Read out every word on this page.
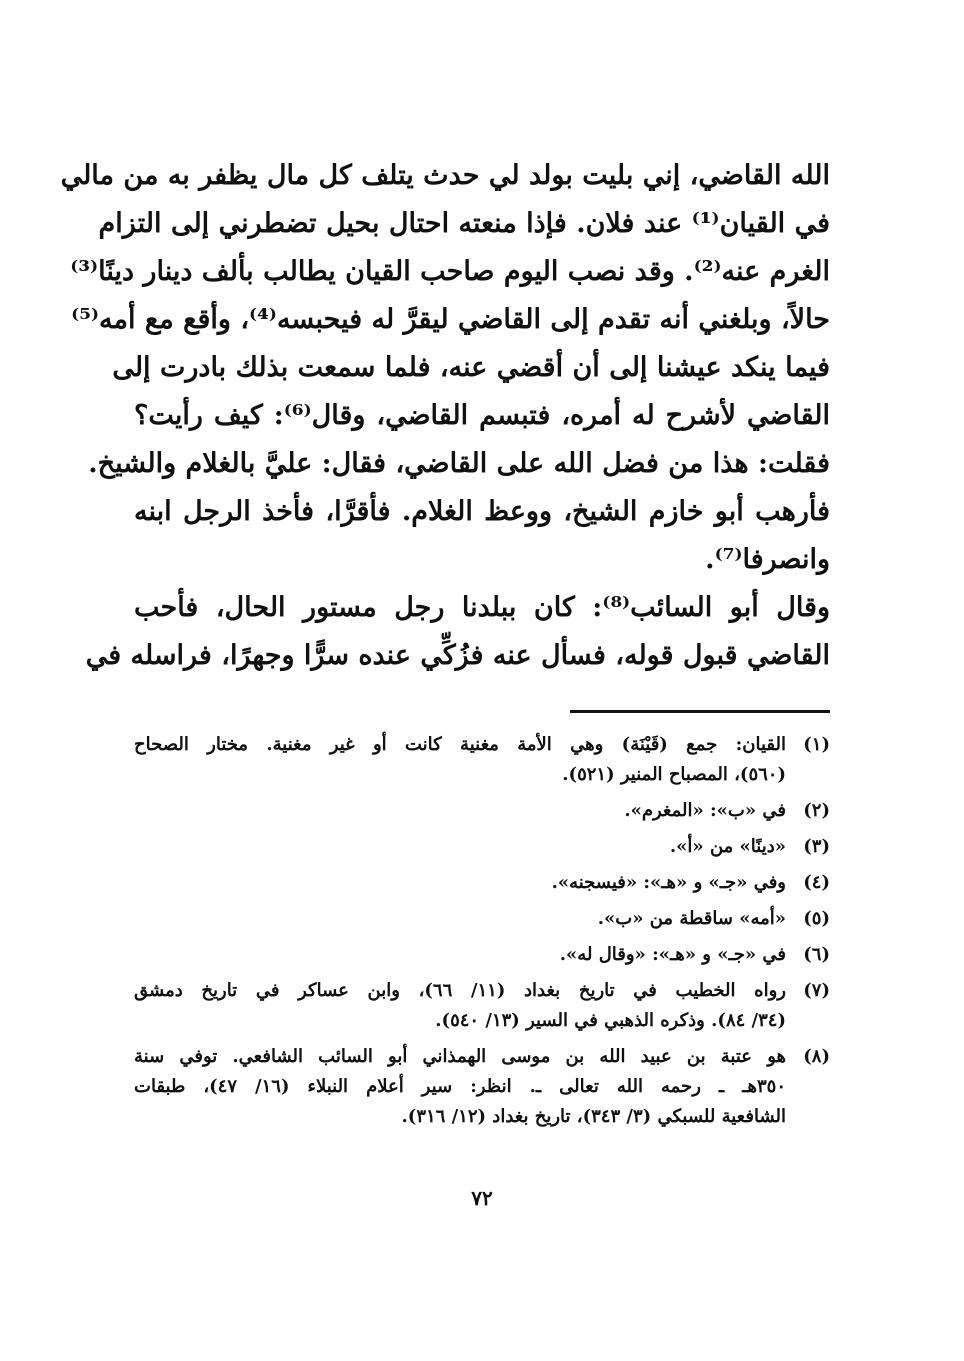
الله القاضي، إني بليت بولد لي حدث يتلف كل مال يظفر به من مالي
في القيان⁽¹⁾ عند فلان. فإذا منعته احتال بحيل تضطرني إلى التزام
الغرم عنه⁽²⁾. وقد نصب اليوم صاحب القيان يطالب بألف دينار دينًا⁽³⁾
حالاً، وبلغني أنه تقدم إلى القاضي ليقرَّ له فيحبسه⁽⁴⁾، وأقع مع أمه⁽⁵⁾
فيما ينكد عيشنا إلى أن أقضي عنه، فلما سمعت بذلك بادرت إلى
القاضي لأشرح له أمره، فتبسم القاضي، وقال⁽⁶⁾: كيف رأيت؟
فقلت: هذا من فضل الله على القاضي، فقال: عليَّ بالغلام والشيخ.
فأرهب أبو خازم الشيخ، ووعظ الغلام. فأقرَّا، فأخذ الرجل ابنه
وانصرفا⁽⁷⁾.
وقال أبو السائب⁽⁸⁾: كان ببلدنا رجل مستور الحال، فأحب
القاضي قبول قوله، فسأل عنه فزُكِّي عنده سرًّا وجهرًا، فراسله في
(١)
القيان: جمع (قَيْنَة) وهي الأمة مغنية كانت أو غير مغنية. مختار الصحاح
(٥٦٠)، المصباح المنير (٥٢١).
(٢)
في «ب»: «المغرم».
(٣)
«دينًا» من «أ».
(٤)
وفي «جـ» و «هـ»: «فيسجنه».
(٥)
«أمه» ساقطة من «ب».
(٦)
في «جـ» و «هـ»: «وقال له».
(٧)
رواه الخطيب في تاريخ بغداد (١١/ ٦٦)، وابن عساكر في تاريخ دمشق
(٣٤/ ٨٤). وذكره الذهبي في السير (١٣/ ٥٤٠).
(٨)
هو عتبة بن عبيد الله بن موسى الهمذاني أبو السائب الشافعي. توفي سنة
٣٥٠هـ ـ رحمه الله تعالى ـ. انظر: سير أعلام النبلاء (١٦/ ٤٧)، طبقات
الشافعية للسبكي (٣/ ٣٤٣)، تاريخ بغداد (١٢/ ٣١٦).
٧٢
